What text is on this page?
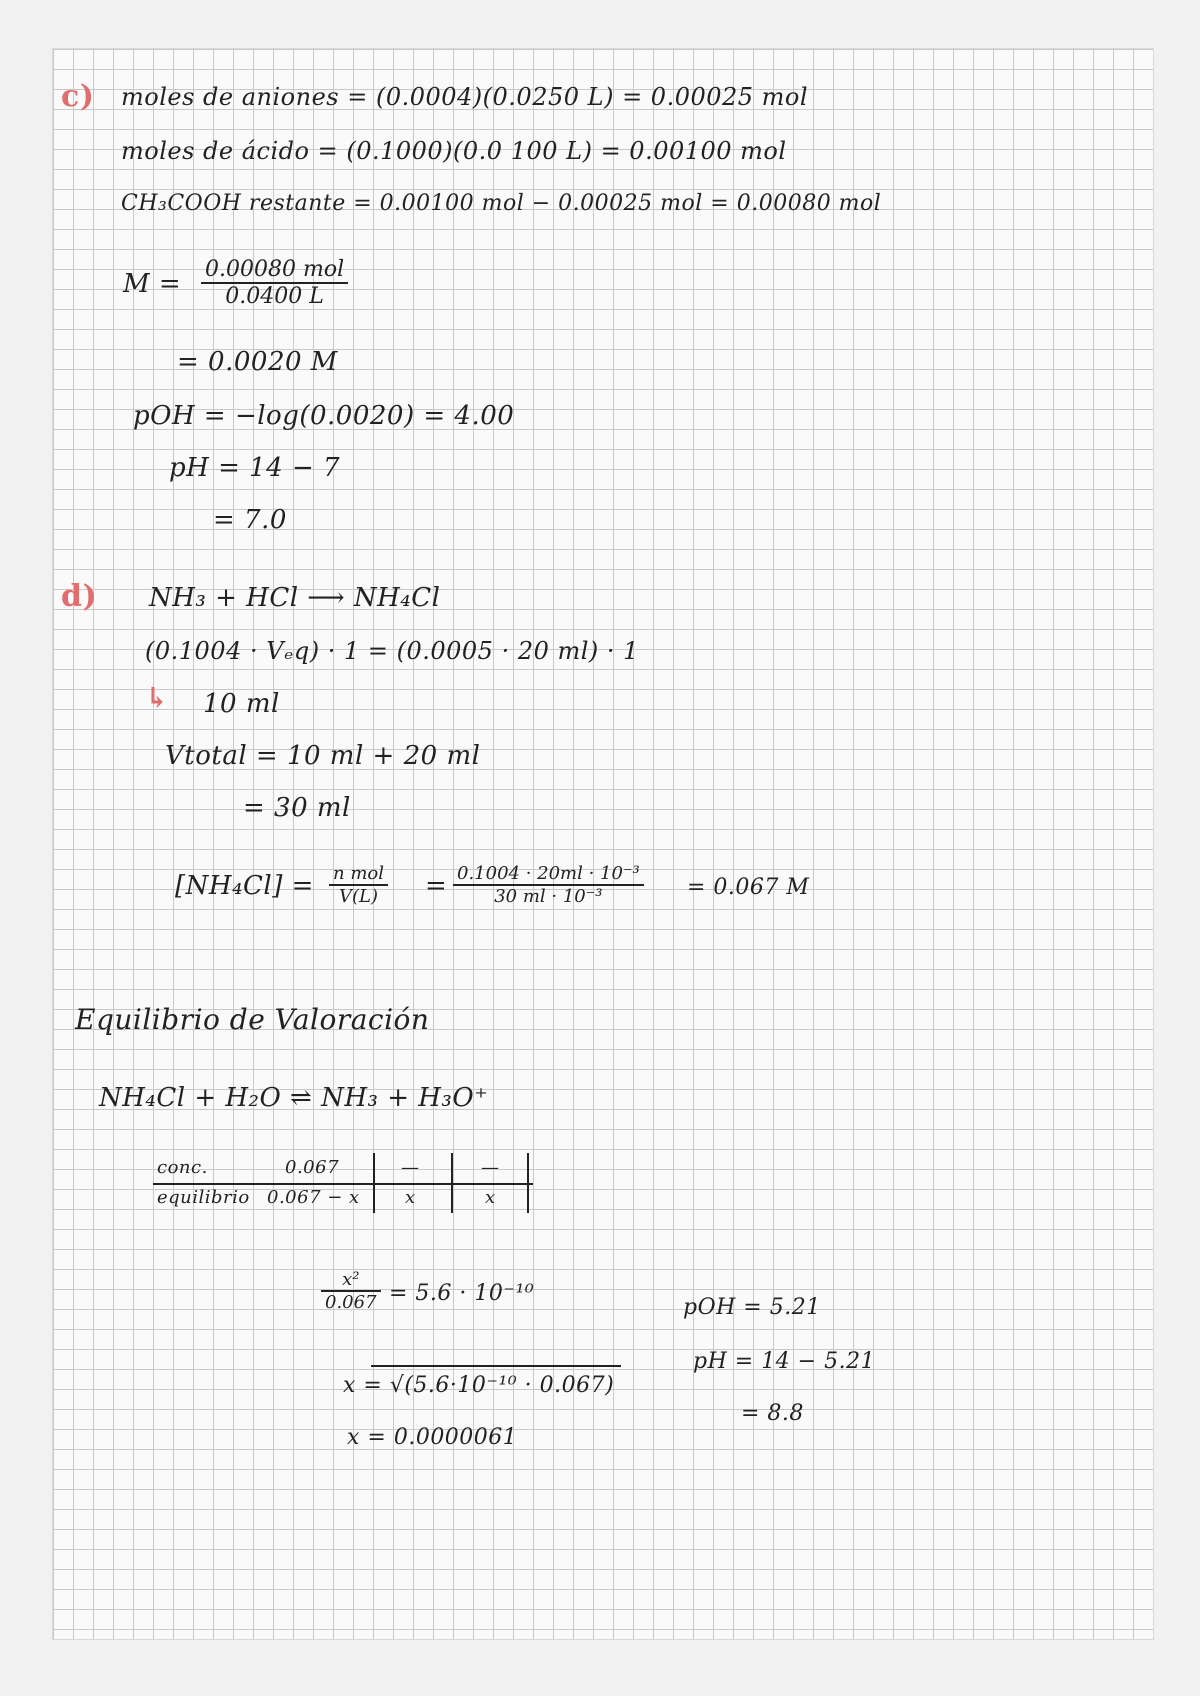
c) moles de aniones = (0.0004)(0.0250 L) = 0.00025 mol
moles de ácido = (0.1000)(0.0 100 L) = 0.00100 mol
CH₃COOH restante = 0.00100 mol − 0.00025 mol = 0.00080 mol
M = 0.00080 mol
0.0400 L
= 0.0020 M
pOH = −log(0.0020) = 4.00
pH = 14 − 7
= 7.0
d) NH₃ + HCl ⟶ NH₄Cl
(0.1004 · Vₑq) · 1 = (0.0005 · 20 ml) · 1
↳ 10 ml
Vtotal = 10 ml + 20 ml
= 30 ml
[NH₄Cl] = n mol
V(L)	= $\frac{\text{0.1004 · 20ml · 10⁻³}}{\text{30 ml · 10⁻³}} = 0.067$ M
Equilibrio de Valoración
NH₄Cl + H₂O ⇌ NH₃ + H₃O⁺
conc.
equilibrio
0.067
0.067 − x
—
x
—
x
$\frac{\text{x²}}{0.067} = 5.6 \cdot 10^{-10}$
x = √(5.6·10⁻¹⁰ · 0.067)
x = 0.0000061
pOH = 5.21
pH = 14 − 5.21
= 8.8
